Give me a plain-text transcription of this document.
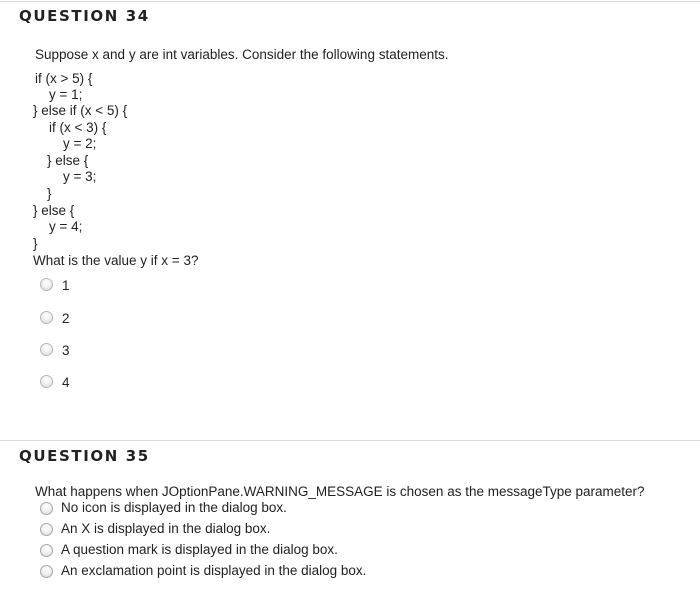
QUESTION 34
Suppose x and y are int variables. Consider the following statements.
if (x > 5) {
y = 1;
} else if (x < 5) {
if (x < 3) {
y = 2;
} else {
y = 3;
}
} else {
y = 4;
}
What is the value y if x = 3?
1
2
3
4
QUESTION 35
What happens when JOptionPane.WARNING_MESSAGE is chosen as the messageType parameter?
No icon is displayed in the dialog box.
An X is displayed in the dialog box.
A question mark is displayed in the dialog box.
An exclamation point is displayed in the dialog box.
